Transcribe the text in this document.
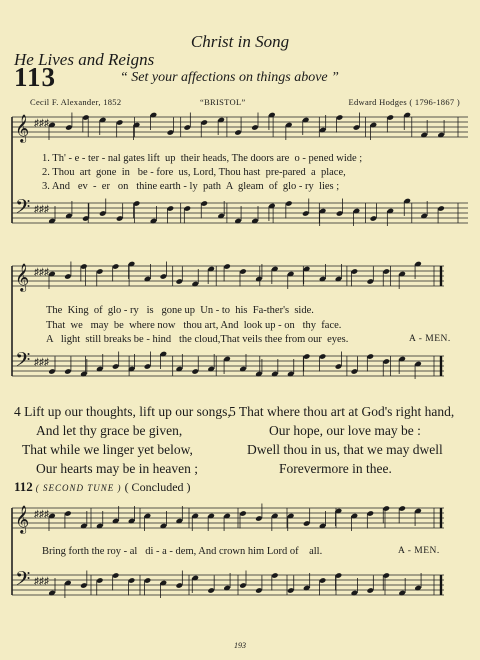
Christ in Song
He Lives and Reigns
113	“ Set your affections on things above ”
Cecil F. Alexander, 1852	“BRISTOL”	Edward Hodges ( 1796-1867 )
𝄞
𝄢
♯♯♯
♯♯♯
𝄞
𝄢
♯♯♯
♯♯♯
𝄞
𝄢
♯♯♯
♯♯♯
1. Th' - e - ter - nal gates lift  up  their heads, The doors are  o - pened wide ;
2. Thou  art  gone  in   be - fore  us, Lord, Thou hast  pre-pared  a  place,
3. And   ev  -  er   on   thine earth - ly  path  A  gleam  of  glo - ry  lies ;
The  King  of  glo - ry   is   gone up  Un - to  his  Fa-ther's  side.
That  we   may  be  where now   thou art, And  look up - on   thy  face.
A   light  still breaks be - hind   the cloud,That veils thee from our  eyes.	A - MEN.
4 Lift up our thoughts, lift up our songs,
And let thy grace be given,
That while we linger yet below,
Our hearts may be in heaven ;
5 That where thou art at God's right hand,
Our hope, our love may be :
Dwell thou in us, that we may dwell
Forevermore in thee.
112 ( SECOND TUNE ) ( Concluded )
Bring forth the roy - al   di - a - dem, And crown him Lord of    all.	A - MEN.
193
